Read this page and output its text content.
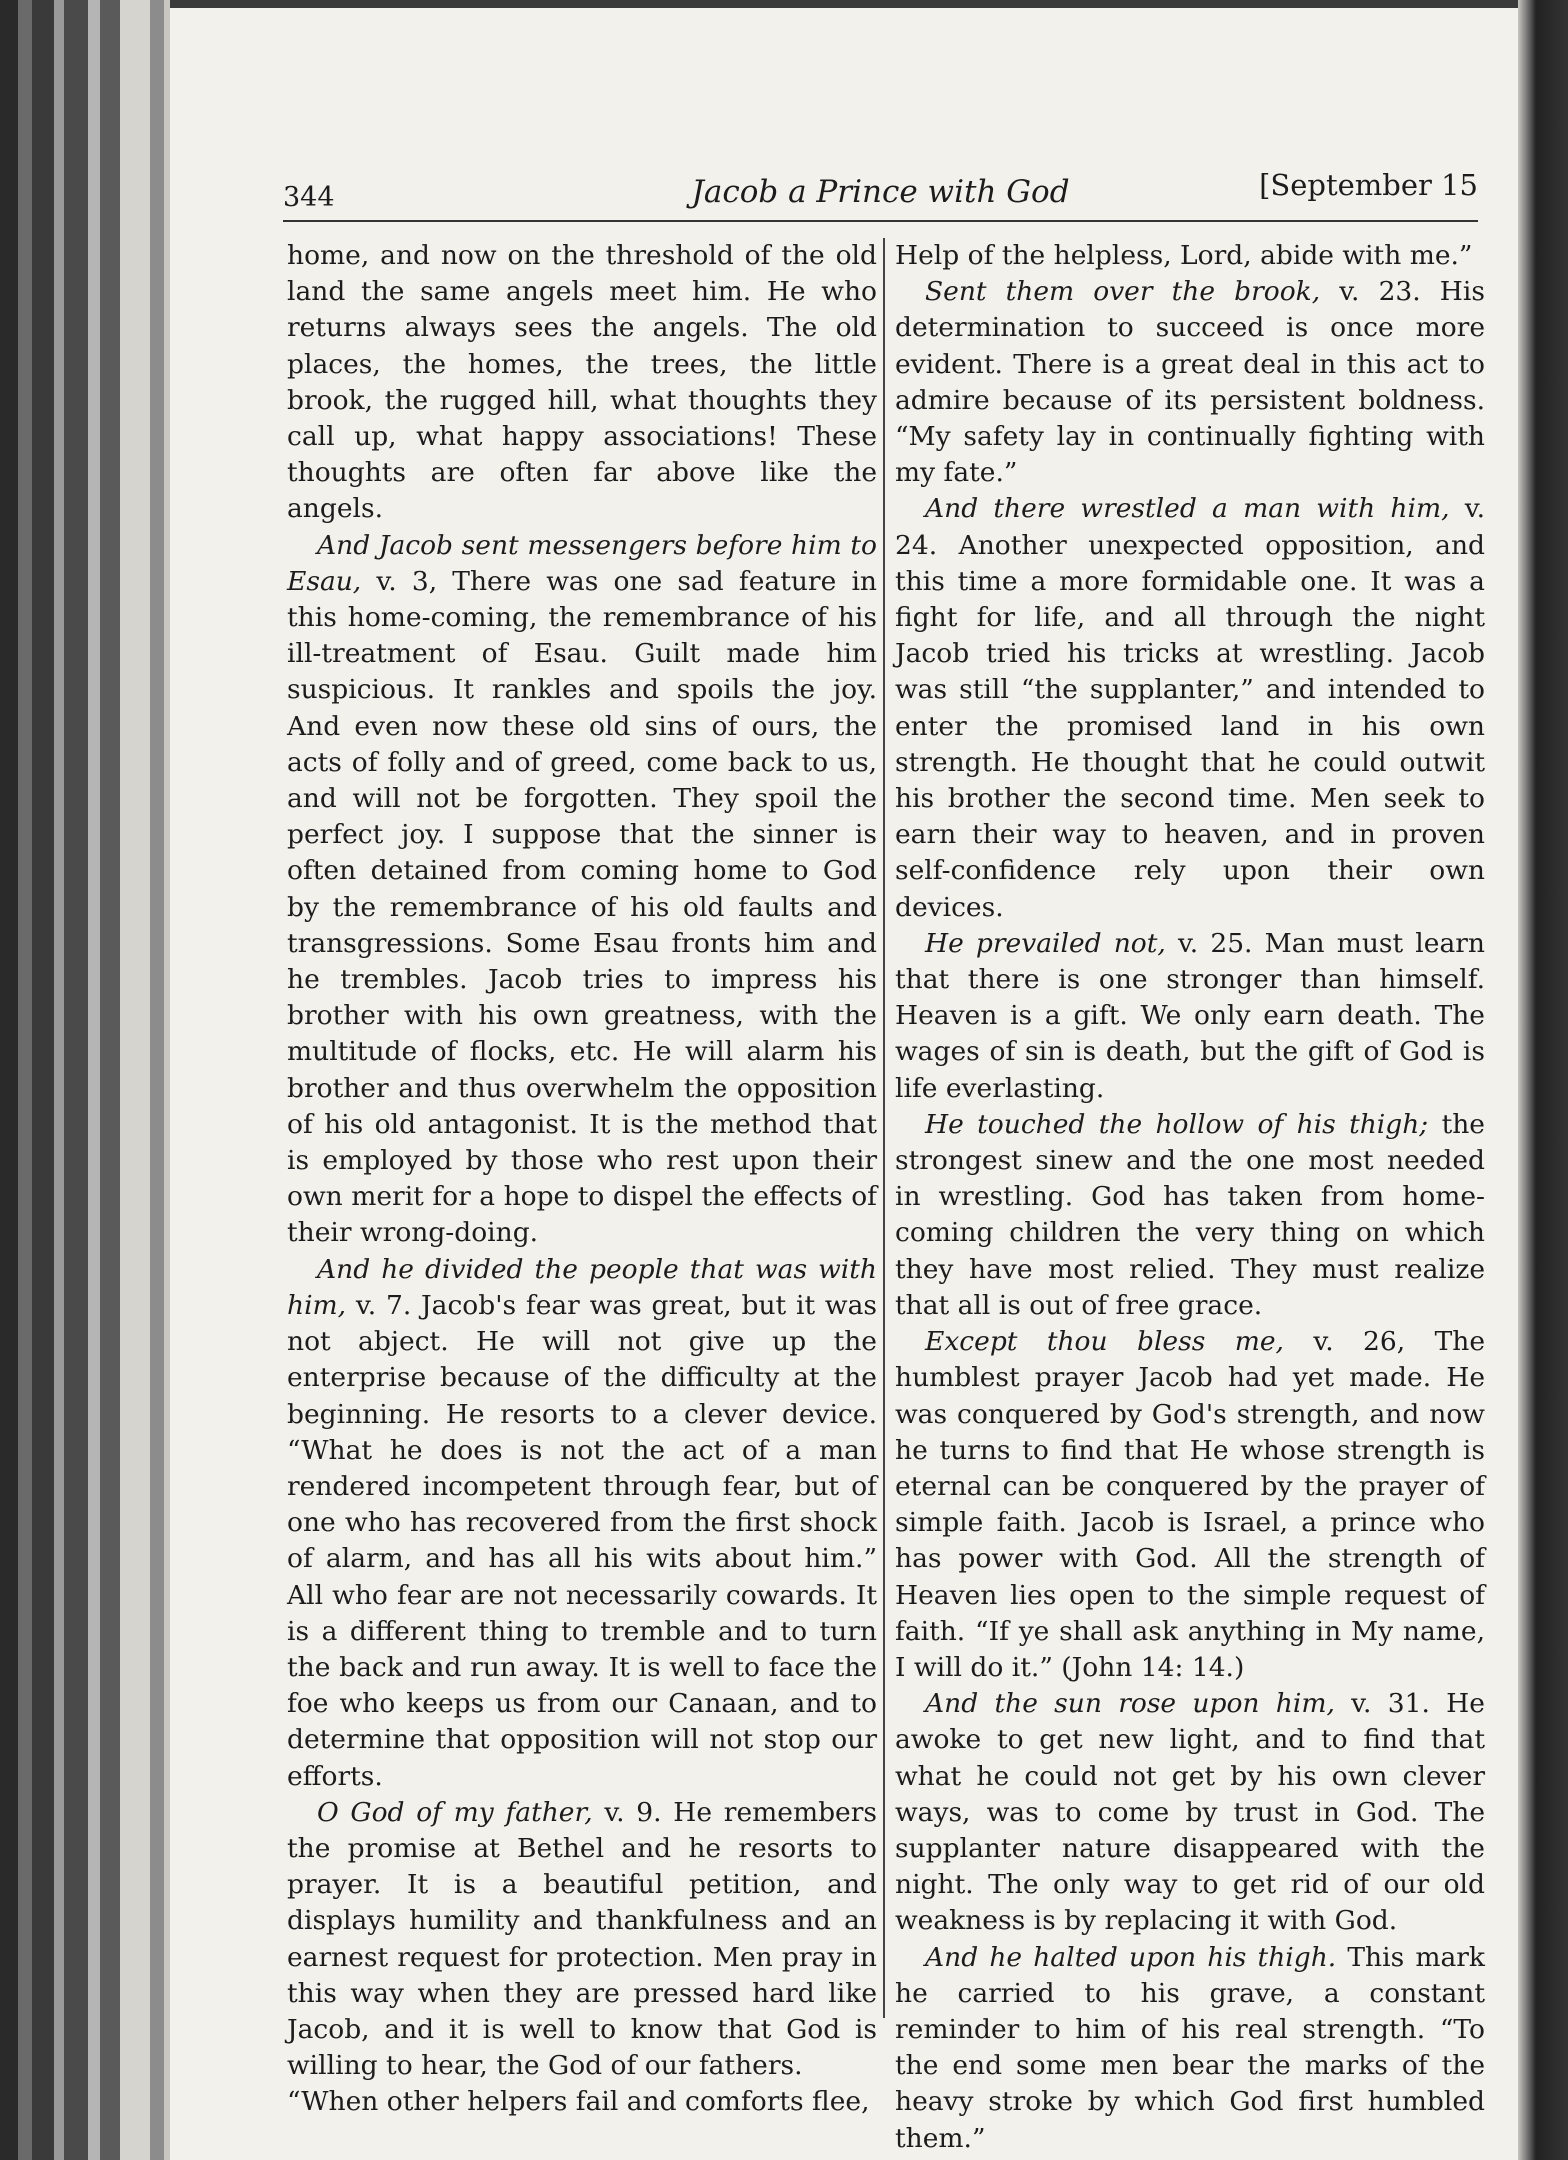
344	Jacob a Prince with God	[September 15

home, and now on the threshold of the old land the same angels meet him. He who returns always sees the angels. The old places, the homes, the trees, the little brook, the rugged hill, what thoughts they call up, what happy associations! These thoughts are often far above like the angels.

And Jacob sent messengers before him to Esau, v. 3, There was one sad feature in this home-coming, the remembrance of his ill-treatment of Esau. Guilt made him suspicious. It rankles and spoils the joy. And even now these old sins of ours, the acts of folly and of greed, come back to us, and will not be forgotten. They spoil the perfect joy. I suppose that the sinner is often detained from coming home to God by the remembrance of his old faults and transgressions. Some Esau fronts him and he trembles. Jacob tries to impress his brother with his own greatness, with the multitude of flocks, etc. He will alarm his brother and thus overwhelm the opposition of his old antagonist. It is the method that is employed by those who rest upon their own merit for a hope to dispel the effects of their wrong-doing.

And he divided the people that was with him, v. 7. Jacob's fear was great, but it was not abject. He will not give up the enterprise because of the difficulty at the beginning. He resorts to a clever device. “What he does is not the act of a man rendered incompetent through fear, but of one who has recovered from the first shock of alarm, and has all his wits about him.” All who fear are not necessarily cowards. It is a different thing to tremble and to turn the back and run away. It is well to face the foe who keeps us from our Canaan, and to determine that opposition will not stop our efforts.

O God of my father, v. 9. He remembers the promise at Bethel and he resorts to prayer. It is a beautiful petition, and displays humility and thankfulness and an earnest request for protection. Men pray in this way when they are pressed hard like Jacob, and it is well to know that God is willing to hear, the God of our fathers.

“When other helpers fail and comforts flee,

Help of the helpless, Lord, abide with me.”

Sent them over the brook, v. 23. His determination to succeed is once more evident. There is a great deal in this act to admire because of its persistent boldness. “My safety lay in continually fighting with my fate.”

And there wrestled a man with him, v. 24. Another unexpected opposition, and this time a more formidable one. It was a fight for life, and all through the night Jacob tried his tricks at wrestling. Jacob was still “the supplanter,” and intended to enter the promised land in his own strength. He thought that he could outwit his brother the second time. Men seek to earn their way to heaven, and in proven self-confidence rely upon their own devices.

He prevailed not, v. 25. Man must learn that there is one stronger than himself. Heaven is a gift. We only earn death. The wages of sin is death, but the gift of God is life everlasting.

He touched the hollow of his thigh; the strongest sinew and the one most needed in wrestling. God has taken from home-coming children the very thing on which they have most relied. They must realize that all is out of free grace.

Except thou bless me, v. 26, The humblest prayer Jacob had yet made. He was conquered by God's strength, and now he turns to find that He whose strength is eternal can be conquered by the prayer of simple faith. Jacob is Israel, a prince who has power with God. All the strength of Heaven lies open to the simple request of faith. “If ye shall ask anything in My name, I will do it.” (John 14: 14.)

And the sun rose upon him, v. 31. He awoke to get new light, and to find that what he could not get by his own clever ways, was to come by trust in God. The supplanter nature disappeared with the night. The only way to get rid of our old weakness is by replacing it with God.

And he halted upon his thigh. This mark he carried to his grave, a constant reminder to him of his real strength. “To the end some men bear the marks of the heavy stroke by which God first humbled them.”
